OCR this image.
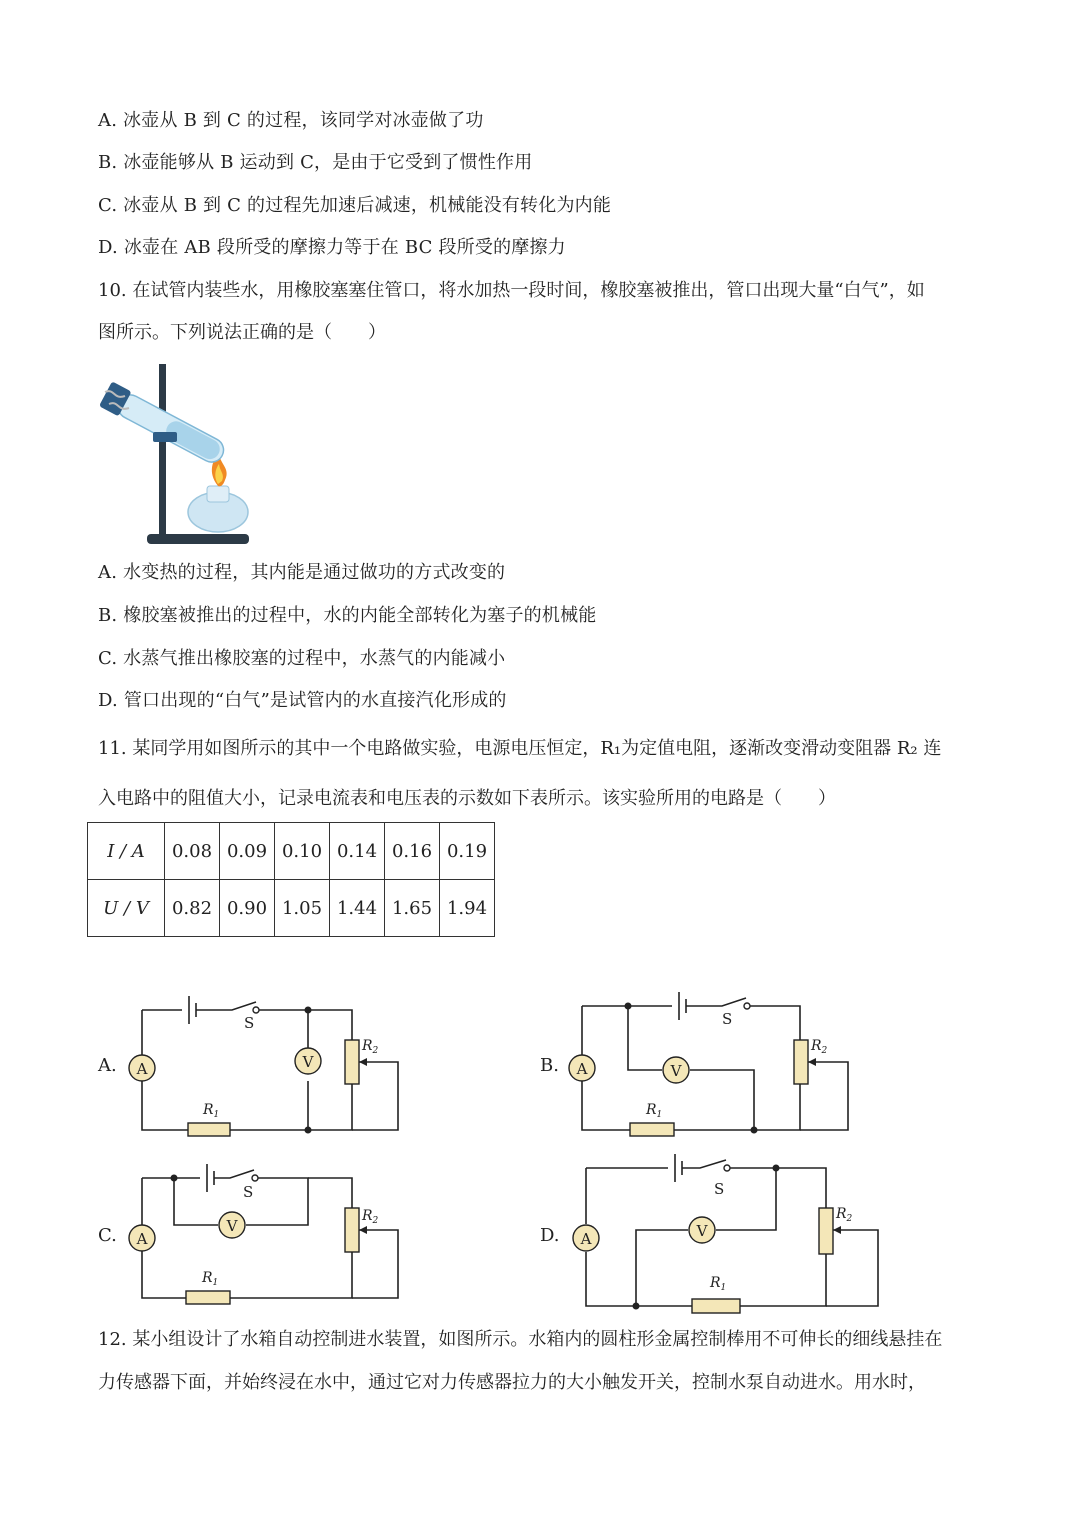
A. 冰壶从 B 到 C 的过程，该同学对冰壶做了功
B. 冰壶能够从 B 运动到 C，是由于它受到了惯性作用
C. 冰壶从 B 到 C 的过程先加速后减速，机械能没有转化为内能
D. 冰壶在 AB 段所受的摩擦力等于在 BC 段所受的摩擦力
10. 在试管内装些水，用橡胶塞塞住管口，将水加热一段时间，橡胶塞被推出，管口出现大量“白气”，如
图所示。下列说法正确的是（　　）
A. 水变热的过程，其内能是通过做功的方式改变的
B. 橡胶塞被推出的过程中，水的内能全部转化为塞子的机械能
C. 水蒸气推出橡胶塞的过程中，水蒸气的内能减小
D. 管口出现的“白气”是试管内的水直接汽化形成的
11. 某同学用如图所示的其中一个电路做实验，电源电压恒定，R₁为定值电阻，逐渐改变滑动变阻器 R₂ 连
入电路中的阻值大小，记录电流表和电压表的示数如下表所示。该实验所用的电路是（　　）
I / A	0.08	0.09	0.10	0.14	0.16	0.19
U / V	0.82	0.90	1.05	1.44	1.65	1.94
A.	B.
C.	D.
A	V	A	V
A
V
A	V
S	S
S	S
$R_1$	$R_1$
$R_1$	$R_1$
$R_2$	$R_2$
$R_2$	$R_2$
12. 某小组设计了水箱自动控制进水装置，如图所示。水箱内的圆柱形金属控制棒用不可伸长的细线悬挂在
力传感器下面，并始终浸在水中，通过它对力传感器拉力的大小触发开关，控制水泵自动进水。用水时，
